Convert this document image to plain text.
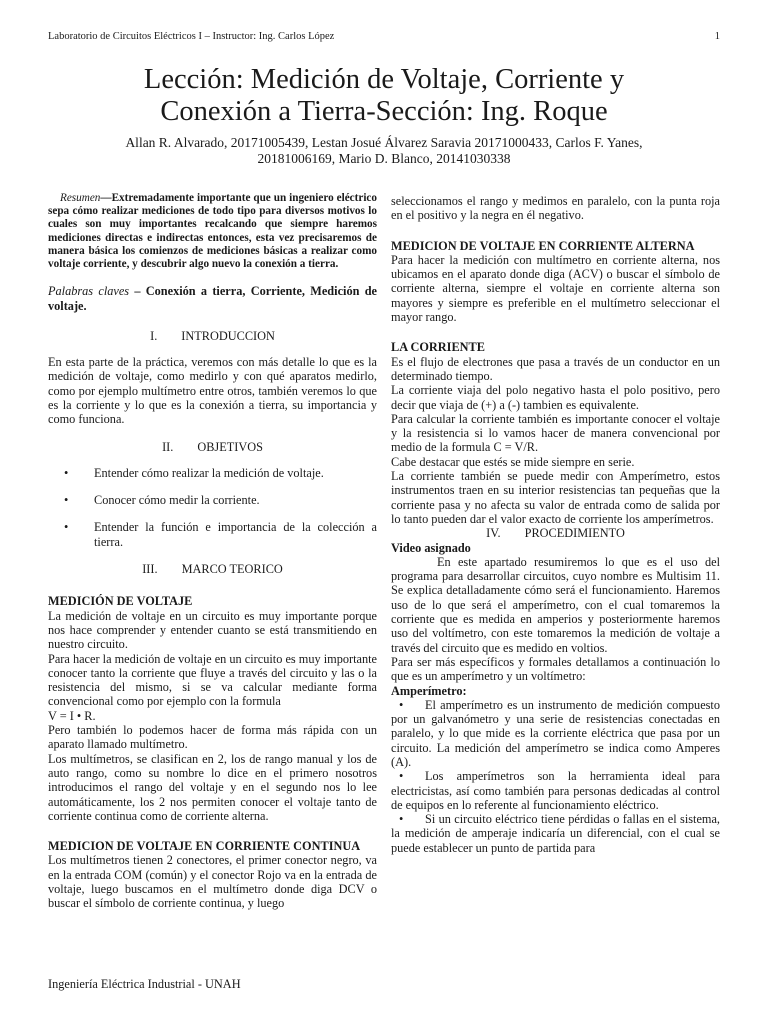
Laboratorio de Circuitos Eléctricos I – Instructor: Ing. Carlos López	1
Lección: Medición de Voltaje, Corriente y
Conexión a Tierra-Sección: Ing. Roque
Allan R. Alvarado, 20171005439, Lestan Josué Álvarez Saravia 20171000433, Carlos F. Yanes,
20181006169, Mario D. Blanco, 20141030338

Resumen—Extremadamente importante que un ingeniero eléctrico sepa cómo realizar mediciones de todo tipo para diversos motivos lo cuales son muy importantes recalcando que siempre haremos mediciones directas e indirectas entonces, esta vez precisaremos de manera básica los comienzos de mediciones básicas a realizar como voltaje corriente, y descubrir algo nuevo la conexión a tierra.

Palabras claves – Conexión a tierra, Corriente, Medición de voltaje.

I. INTRODUCCION

En esta parte de la práctica, veremos con más detalle lo que es la medición de voltaje, como medirlo y con qué aparatos medirlo, como por ejemplo multímetro entre otros, también veremos lo que es la corriente y lo que es la conexión a tierra, su importancia y como funciona.

II. OBJETIVOS
• Entender cómo realizar la medición de voltaje.
• Conocer cómo medir la corriente.
• Entender la función e importancia de la colección a tierra.
III. MARCO TEORICO

MEDICIÓN DE VOLTAJE

La medición de voltaje en un circuito es muy importante porque nos hace comprender y entender cuanto se está transmitiendo en nuestro circuito.

Para hacer la medición de voltaje en un circuito es muy importante conocer tanto la corriente que fluye a través del circuito y las o la resistencia del mismo, si se va calcular mediante forma convencional como por ejemplo con la formula

V = I • R.

Pero también lo podemos hacer de forma más rápida con un aparato llamado multímetro.

Los multímetros, se clasifican en 2, los de rango manual y los de auto rango, como su nombre lo dice en el primero nosotros introducimos el rango del voltaje y en el segundo nos lo lee automáticamente, los 2 nos permiten conocer el voltaje tanto de corriente continua como de corriente alterna.

MEDICION DE VOLTAJE EN CORRIENTE CONTINUA

Los multímetros tienen 2 conectores, el primer conector negro, va en la entrada COM (común) y el conector Rojo va en la entrada de voltaje, luego buscamos en el multímetro donde diga DCV o buscar el símbolo de corriente continua, y luego

seleccionamos el rango y medimos en paralelo, con la punta roja en el positivo y la negra en él negativo.

MEDICION DE VOLTAJE EN CORRIENTE ALTERNA

Para hacer la medición con multímetro en corriente alterna, nos ubicamos en el aparato donde diga (ACV) o buscar el símbolo de corriente alterna, siempre el voltaje en corriente alterna son mayores y siempre es preferible en el multímetro seleccionar el mayor rango.

LA CORRIENTE

Es el flujo de electrones que pasa a través de un conductor en un determinado tiempo.

La corriente viaja del polo negativo hasta el polo positivo, pero decir que viaja de (+) a (-) tambien es equivalente.

Para calcular la corriente también es importante conocer el voltaje y la resistencia si lo vamos hacer de manera convencional por medio de la formula C = V/R.

Cabe destacar que estés se mide siempre en serie.

La corriente también se puede medir con Amperímetro, estos instrumentos traen en su interior resistencias tan pequeñas que la corriente pasa y no afecta su valor de entrada como de salida por lo tanto pueden dar el valor exacto de corriente los amperímetros.

IV. PROCEDIMIENTO

Video asignado

En este apartado resumiremos lo que es el uso del programa para desarrollar circuitos, cuyo nombre es Multisim 11. Se explica detalladamente cómo será el funcionamiento. Haremos uso de lo que será el amperímetro, con el cual tomaremos la corriente que es medida en amperios y posteriormente haremos uso del voltímetro, con este tomaremos la medición de voltaje a través del circuito que es medido en voltios.

Para ser más específicos y formales detallamos a continuación lo que es un amperímetro y un voltímetro:

Amperímetro:

• El amperímetro es un instrumento de medición compuesto por un galvanómetro y una serie de resistencias conectadas en paralelo, y lo que mide es la corriente eléctrica que pasa por un circuito. La medición del amperímetro se indica como Amperes (A).
• Los amperímetros son la herramienta ideal para electricistas, así como también para personas dedicadas al control de equipos en lo referente al funcionamiento eléctrico.
• Si un circuito eléctrico tiene pérdidas o fallas en el sistema, la medición de amperaje indicaría un diferencial, con el cual se puede establecer un punto de partida para
Ingeniería Eléctrica Industrial - UNAH
